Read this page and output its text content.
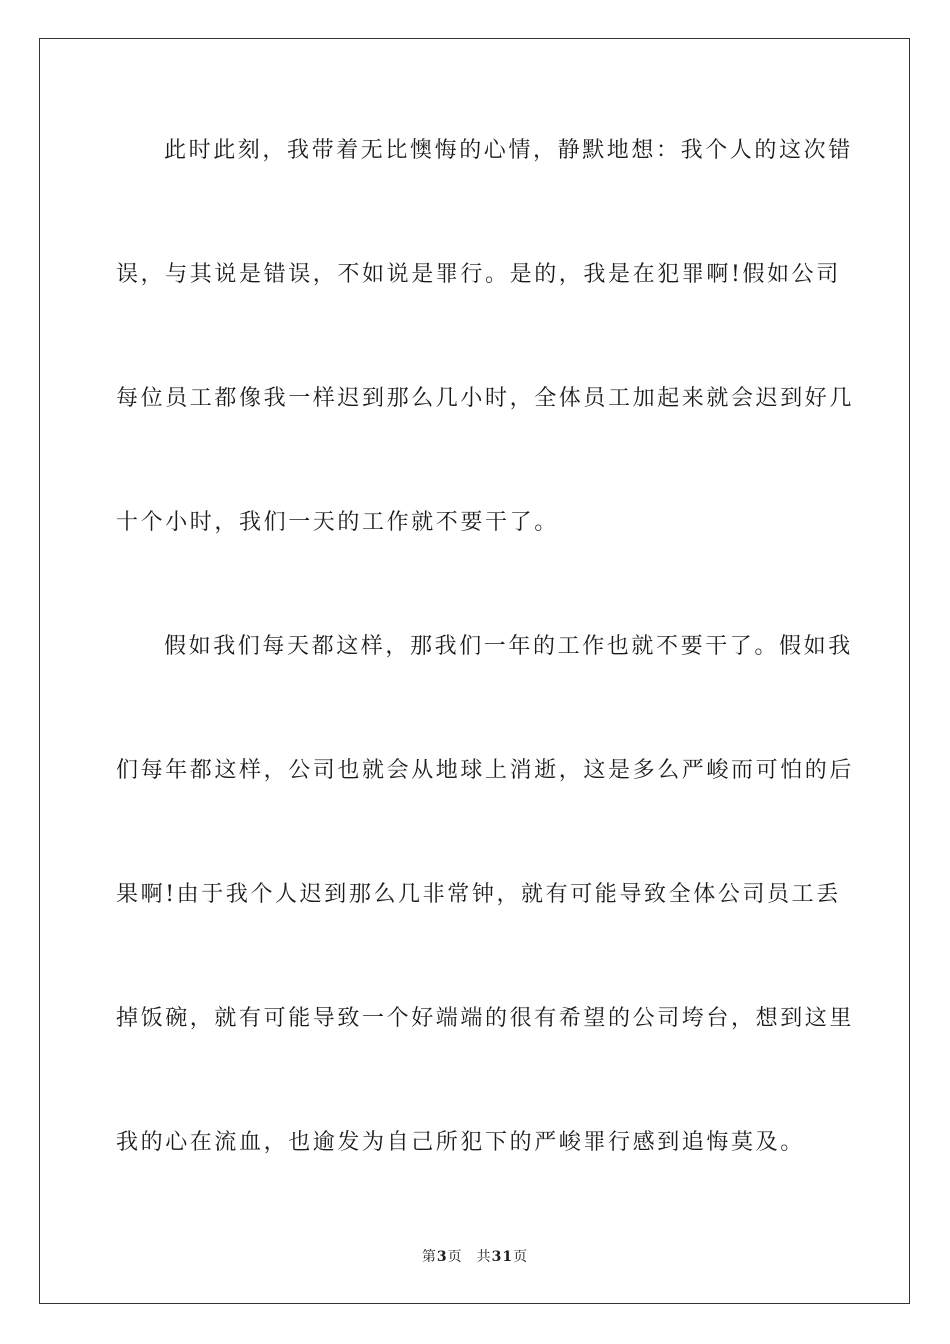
此时此刻，我带着无比懊悔的心情，静默地想：我个人的这次错
误，与其说是错误，不如说是罪行。是的，我是在犯罪啊!假如公司
每位员工都像我一样迟到那么几小时，全体员工加起来就会迟到好几
十个小时，我们一天的工作就不要干了。
假如我们每天都这样，那我们一年的工作也就不要干了。假如我
们每年都这样，公司也就会从地球上消逝，这是多么严峻而可怕的后
果啊!由于我个人迟到那么几非常钟，就有可能导致全体公司员工丢
掉饭碗，就有可能导致一个好端端的很有希望的公司垮台，想到这里
我的心在流血，也逾发为自己所犯下的严峻罪行感到追悔莫及。
第3页 共31页
